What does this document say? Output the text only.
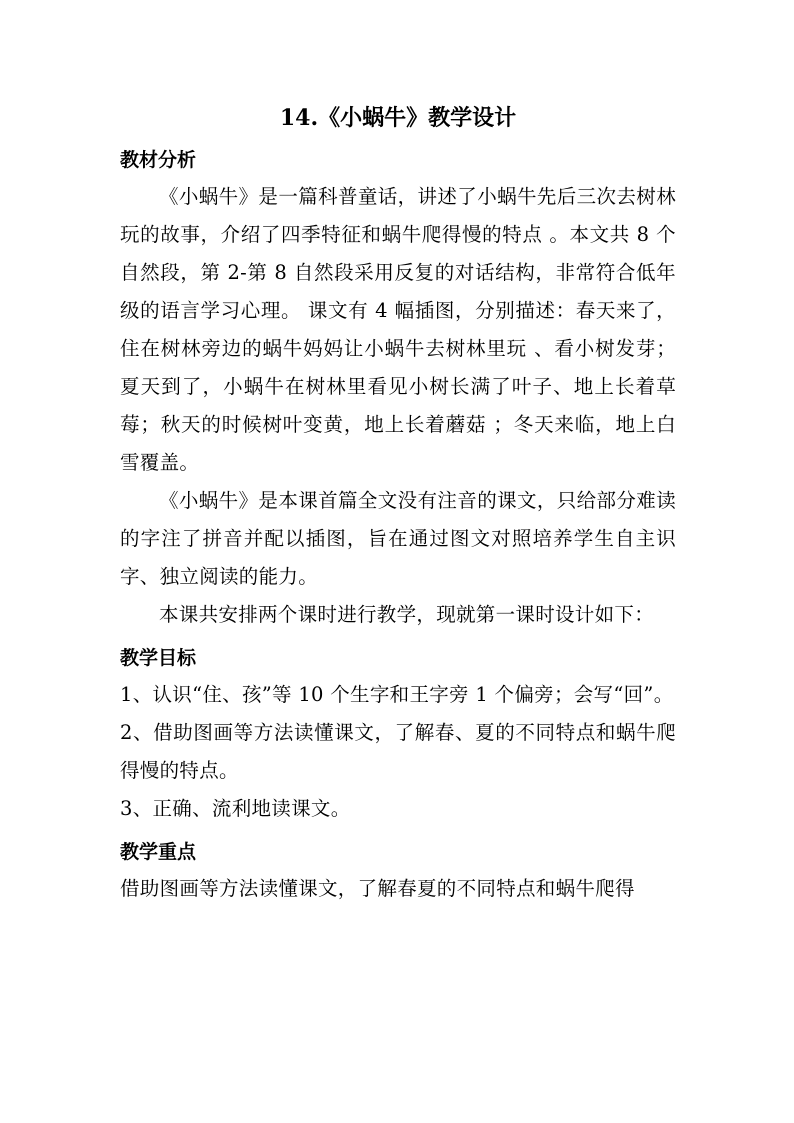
14.《小蜗牛》教学设计
教材分析

《小蜗牛》是一篇科普童话，讲述了小蜗牛先后三次去树林玩的故事，介绍了四季特征和蜗牛爬得慢的特点 。本文共 8 个自然段，第 2-第 8 自然段采用反复的对话结构，非常符合低年级的语言学习心理。 课文有 4 幅插图，分别描述：春天来了，住在树林旁边的蜗牛妈妈让小蜗牛去树林里玩 、看小树发芽；夏天到了，小蜗牛在树林里看见小树长满了叶子、地上长着草莓；秋天的时候树叶变黄，地上长着蘑菇 ；冬天来临，地上白雪覆盖。

《小蜗牛》是本课首篇全文没有注音的课文，只给部分难读的字注了拼音并配以插图，旨在通过图文对照培养学生自主识字、独立阅读的能力。

本课共安排两个课时进行教学，现就第一课时设计如下：

教学目标

1、认识“住、孩”等 10 个生字和王字旁 1 个偏旁；会写“回”。

2、借助图画等方法读懂课文，了解春、夏的不同特点和蜗牛爬得慢的特点。

3、正确、流利地读课文。

教学重点

借助图画等方法读懂课文，了解春夏的不同特点和蜗牛爬得
